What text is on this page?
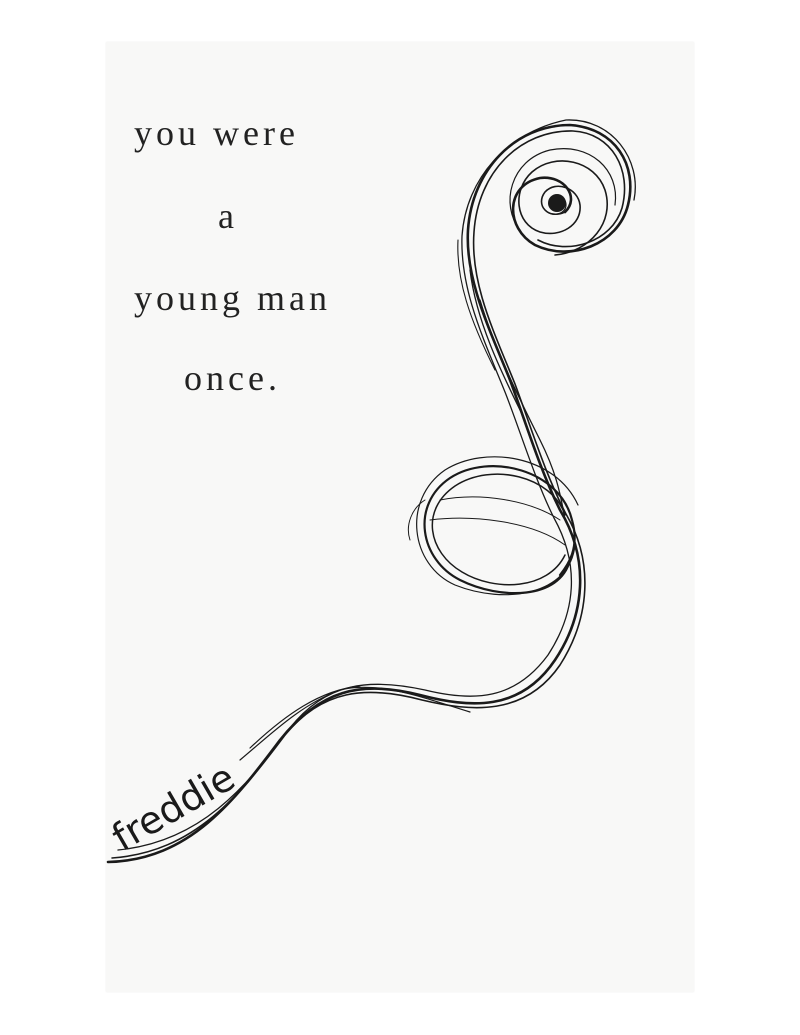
you were
a
young man
once.
freddie
